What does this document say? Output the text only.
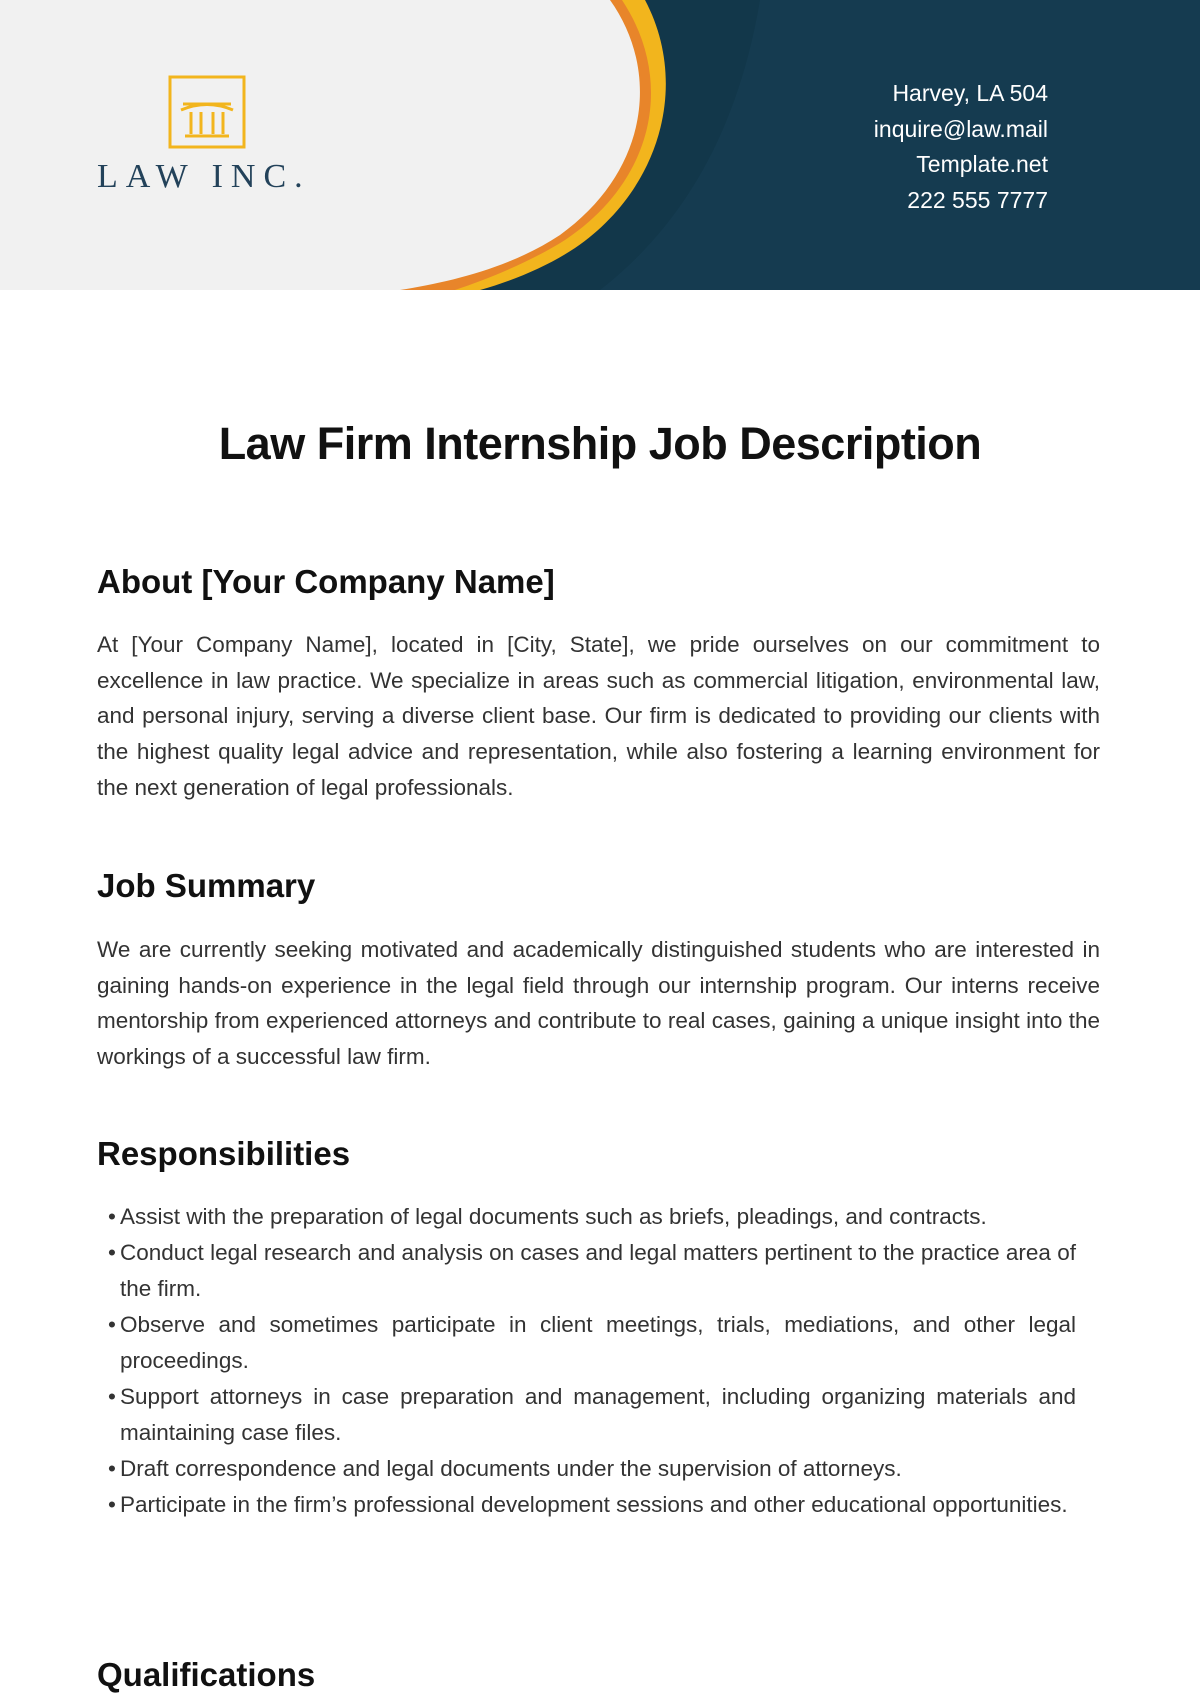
LAW INC.
Harvey, LA 504
inquire@law.mail
Template.net
222 555 7777
Law Firm Internship Job Description
About [Your Company Name]

At [Your Company Name], located in [City, State], we pride ourselves on our commitment to excellence in law practice. We specialize in areas such as commercial litigation, environmental law, and personal injury, serving a diverse client base. Our firm is dedicated to providing our clients with the highest quality legal advice and representation, while also fostering a learning environment for the next generation of legal professionals.

Job Summary

We are currently seeking motivated and academically distinguished students who are interested in gaining hands-on experience in the legal field through our internship program. Our interns receive mentorship from experienced attorneys and contribute to real cases, gaining a unique insight into the workings of a successful law firm.

Responsibilities
• Assist with the preparation of legal documents such as briefs, pleadings, and contracts.
• Conduct legal research and analysis on cases and legal matters pertinent to the practice area of the firm.
• Observe and sometimes participate in client meetings, trials, mediations, and other legal proceedings.
• Support attorneys in case preparation and management, including organizing materials and maintaining case files.
• Draft correspondence and legal documents under the supervision of attorneys.
• Participate in the firm’s professional development sessions and other educational opportunities.
Qualifications
